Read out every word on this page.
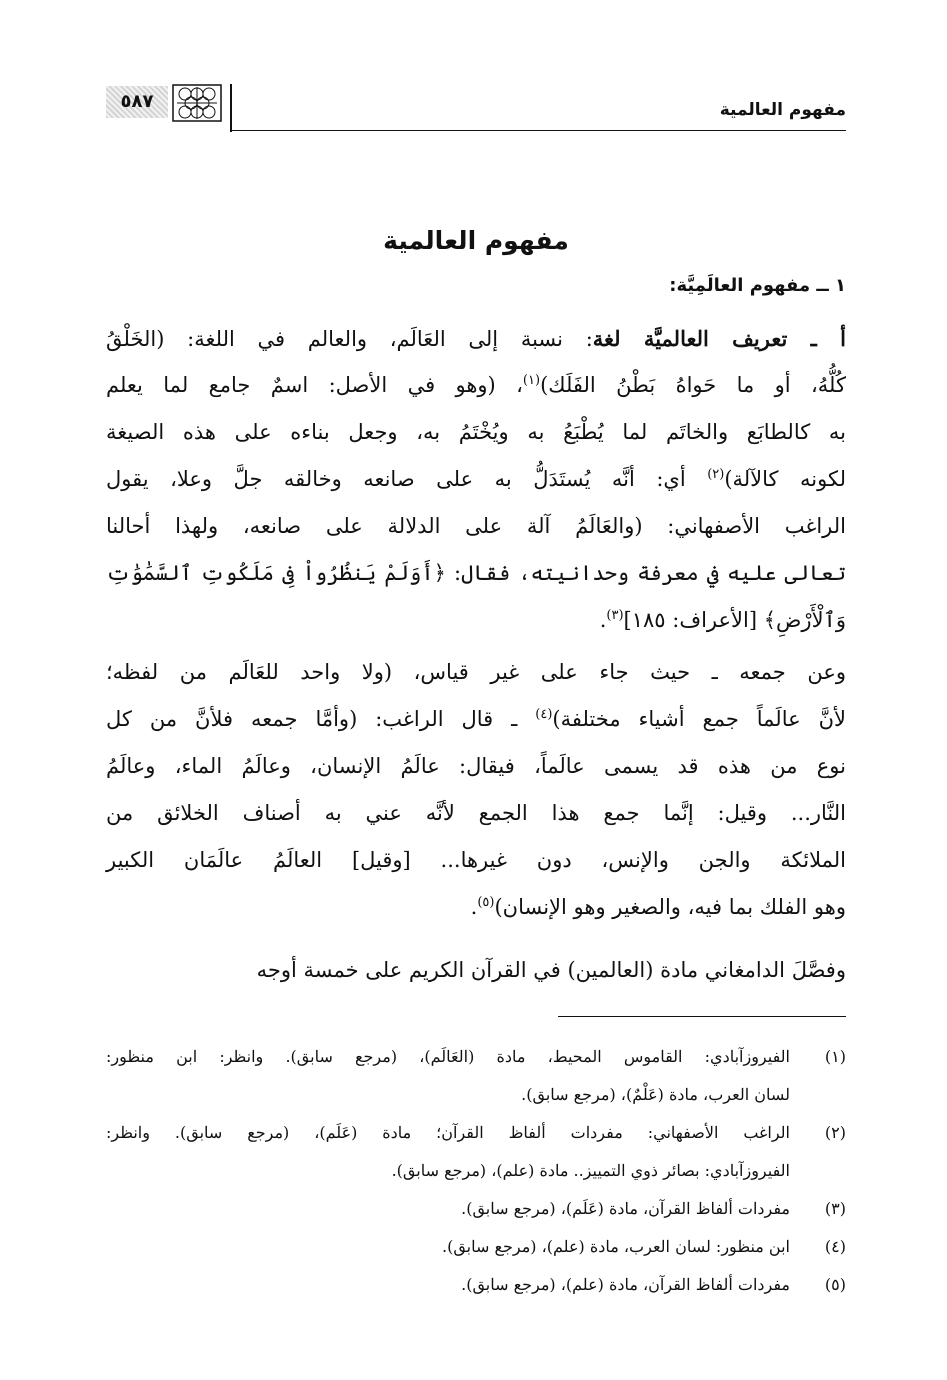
مفهوم العالمية
٥٨٧
مفهوم العالمية
١ ــ مفهوم العالَمِيَّة:
أ ـ تعريف العالميَّة لغة: نسبة إلى العَالَم، والعالم في اللغة: (الخَلْقُ
كُلُّهُ، أو ما حَواهُ بَطْنُ الفَلَك)$^{(١)}$، (وهو في الأصل: اسمٌ جامع لما يعلم
به كالطابَع والخاتَم لما يُطْبَعُ به ويُخْتَمُ به، وجعل بناءه على هذه الصيغة
لكونه كالآلة)$^{(٢)}$ أي: أنَّه يُستَدَلُّ به على صانعه وخالقه جلَّ وعلا، يقول
الراغب الأصفهاني: (والعَالَمُ آلة على الدلالة على صانعه، ولهذا أحالنا
تعالى عليه في معرفة وحدانيته، فقال: ﴿أَوَلَمْ يَنظُرُواْ فِى مَلَكُوتِ ٱلسَّمَٰوَٰتِ
وَٱلْأَرْضِ﴾ [الأعراف: ١٨٥]$^{(٣)}$.
وعن جمعه ـ حيث جاء على غير قياس، (ولا واحد للعَالَم من لفظه؛
لأنَّ عالَماً جمع أشياء مختلفة)$^{(٤)}$ ـ قال الراغب: (وأمَّا جمعه فلأنَّ من كل
نوع من هذه قد يسمى عالَماً، فيقال: عالَمُ الإنسان، وعالَمُ الماء، وعالَمُ
النَّار... وقيل: إنَّما جمع هذا الجمع لأنَّه عني به أصناف الخلائق من
الملائكة والجن والإنس، دون غيرها... [وقيل] العالَمُ عالَمَان الكبير
وهو الفلك بما فيه، والصغير وهو الإنسان)$^{(٥)}$.
وفصَّلَ الدامغاني مادة (العالمين) في القرآن الكريم على خمسة أوجه
(١)
الفيروزآبادي: القاموس المحيط، مادة (العَالَم)، (مرجع سابق). وانظر: ابن منظور:
لسان العرب، مادة (عَلْمٌ)، (مرجع سابق).
(٢)
الراغب الأصفهاني: مفردات ألفاظ القرآن؛ مادة (عَلَم)، (مرجع سابق). وانظر:
الفيروزآبادي: بصائر ذوي التمييز.. مادة (علم)، (مرجع سابق).
(٣)
مفردات ألفاظ القرآن، مادة (عَلَم)، (مرجع سابق).
(٤)
ابن منظور: لسان العرب، مادة (علم)، (مرجع سابق).
(٥)
مفردات ألفاظ القرآن، مادة (علم)، (مرجع سابق).
